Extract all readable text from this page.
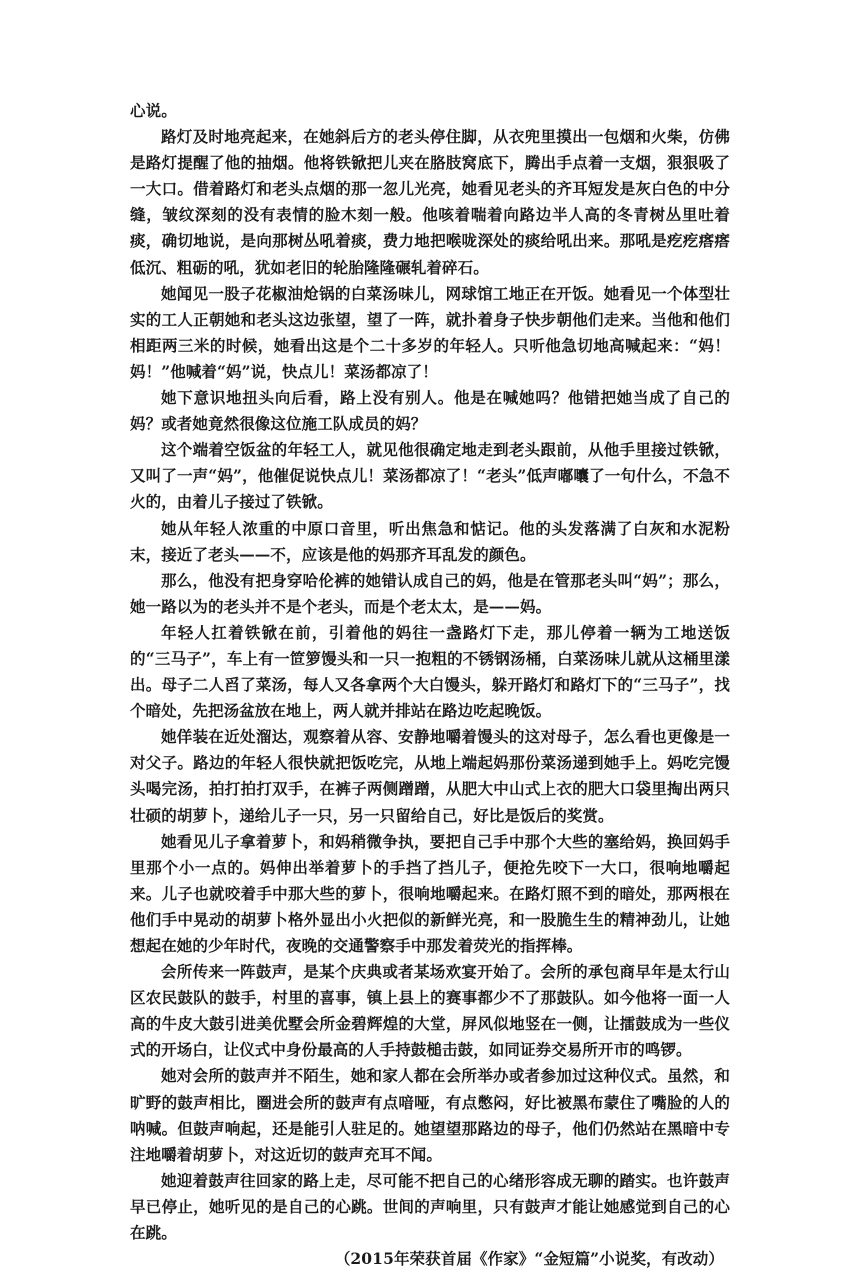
心说。

路灯及时地亮起来，在她斜后方的老头停住脚，从衣兜里摸出一包烟和火柴，仿佛是路灯提醒了他的抽烟。他将铁锨把儿夹在胳肢窝底下，腾出手点着一支烟，狠狠吸了一大口。借着路灯和老头点烟的那一忽儿光亮，她看见老头的齐耳短发是灰白色的中分缝，皱纹深刻的没有表情的脸木刻一般。他咳着喘着向路边半人高的冬青树丛里吐着痰，确切地说，是向那树丛吼着痰，费力地把喉咙深处的痰给吼出来。那吼是疙疙瘩瘩低沉、粗砺的吼，犹如老旧的轮胎隆隆碾轧着碎石。

她闻见一股子花椒油炝锅的白菜汤味儿，网球馆工地正在开饭。她看见一个体型壮实的工人正朝她和老头这边张望，望了一阵，就扑着身子快步朝他们走来。当他和他们相距两三米的时候，她看出这是个二十多岁的年轻人。只听他急切地高喊起来：“妈！妈！”他喊着“妈”说，快点儿！菜汤都凉了！

她下意识地扭头向后看，路上没有别人。他是在喊她吗？他错把她当成了自己的妈？或者她竟然很像这位施工队成员的妈？

这个端着空饭盆的年轻工人，就见他很确定地走到老头跟前，从他手里接过铁锨，又叫了一声“妈”，他催促说快点儿！菜汤都凉了！“老头”低声嘟囔了一句什么，不急不火的，由着儿子接过了铁锨。

她从年轻人浓重的中原口音里，听出焦急和惦记。他的头发落满了白灰和水泥粉末，接近了老头——不，应该是他的妈那齐耳乱发的颜色。

那么，他没有把身穿哈伦裤的她错认成自己的妈，他是在管那老头叫“妈”；那么，她一路以为的老头并不是个老头，而是个老太太，是——妈。

年轻人扛着铁锨在前，引着他的妈往一盏路灯下走，那儿停着一辆为工地送饭的“三马子”，车上有一笸箩馒头和一只一抱粗的不锈钢汤桶，白菜汤味儿就从这桶里漾出。母子二人舀了菜汤，每人又各拿两个大白馒头，躲开路灯和路灯下的“三马子”，找个暗处，先把汤盆放在地上，两人就并排站在路边吃起晚饭。

她佯装在近处溜达，观察着从容、安静地嚼着馒头的这对母子，怎么看也更像是一对父子。路边的年轻人很快就把饭吃完，从地上端起妈那份菜汤递到她手上。妈吃完馒头喝完汤，拍打拍打双手，在裤子两侧蹭蹭，从肥大中山式上衣的肥大口袋里掏出两只壮硕的胡萝卜，递给儿子一只，另一只留给自己，好比是饭后的奖赏。

她看见儿子拿着萝卜，和妈稍微争执，要把自己手中那个大些的塞给妈，换回妈手里那个小一点的。妈伸出举着萝卜的手挡了挡儿子，便抢先咬下一大口，很响地嚼起来。儿子也就咬着手中那大些的萝卜，很响地嚼起来。在路灯照不到的暗处，那两根在他们手中晃动的胡萝卜格外显出小火把似的新鲜光亮，和一股脆生生的精神劲儿，让她想起在她的少年时代，夜晚的交通警察手中那发着荧光的指挥棒。

会所传来一阵鼓声，是某个庆典或者某场欢宴开始了。会所的承包商早年是太行山区农民鼓队的鼓手，村里的喜事，镇上县上的赛事都少不了那鼓队。如今他将一面一人高的牛皮大鼓引进美优墅会所金碧辉煌的大堂，屏风似地竖在一侧，让擂鼓成为一些仪式的开场白，让仪式中身份最高的人手持鼓槌击鼓，如同证券交易所开市的鸣锣。

她对会所的鼓声并不陌生，她和家人都在会所举办或者参加过这种仪式。虽然，和旷野的鼓声相比，圈进会所的鼓声有点喑哑，有点憋闷，好比被黑布蒙住了嘴脸的人的呐喊。但鼓声响起，还是能引人驻足的。她望望那路边的母子，他们仍然站在黑暗中专注地嚼着胡萝卜，对这近切的鼓声充耳不闻。

她迎着鼓声往回家的路上走，尽可能不把自己的心绪形容成无聊的踏实。也许鼓声早已停止，她听见的是自己的心跳。世间的声响里，只有鼓声才能让她感觉到自己的心在跳。

（2015年荣获首届《作家》“金短篇”小说奖，有改动）
